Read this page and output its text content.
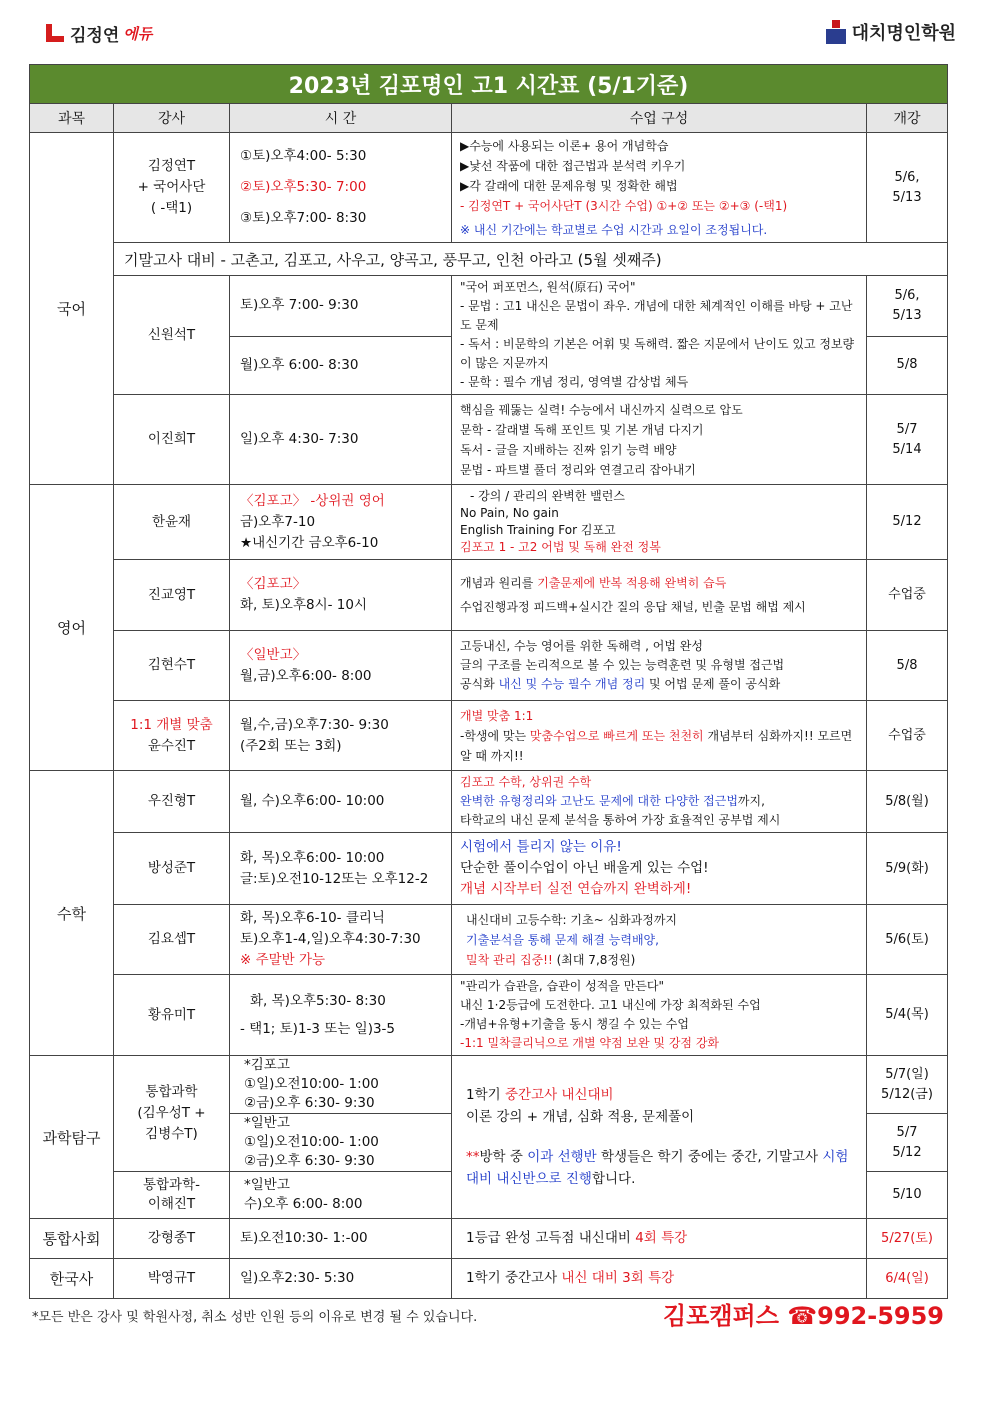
김정연 에듀	대치명인학원
2023년 김포명인 고1 시간표 (5/1기준)				
과목	강사	시 간	수업 구성	개강
국어	김정연T
+ 국어사단
( -택1)	①토)오후4:00- 5:30
②토)오후5:30- 7:00
③토)오후7:00- 8:30	▶수능에 사용되는 이론+ 용어 개념학습
▶낯선 작품에 대한 접근법과 분석력 키우기
▶각 갈래에 대한 문제유형 및 정확한 해법
- 김정연T + 국어사단T (3시간 수업) ①+② 또는 ②+③ (-택1)
※ 내신 기간에는 학교별로 수업 시간과 요일이 조정됩니다.	5/6,
5/13

	기말고사 대비 - 고촌고, 김포고, 사우고, 양곡고, 풍무고, 인천 아라고 (5월 셋째주)			
	신원석T	토)오후 7:00- 9:30	"국어 퍼포먼스, 원석(原石) 국어"
- 문법 : 고1 내신은 문법이 좌우. 개념에 대한 체계적인 이해를 바탕 + 고난도 문제
- 독서 : 비문학의 기본은 어휘 및 독해력. 짧은 지문에서 난이도 있고 정보량이 많은 지문까지
- 문학 : 필수 개념 정리, 영역별 감상법 체득	5/6,
5/13

		월)오후 6:00- 8:30		5/8
	이진희T	일)오후 4:30- 7:30	핵심을 꿰뚫는 실력! 수능에서 내신까지 실력으로 압도
문학 - 갈래별 독해 포인트 및 기본 개념 다지기
독서 - 글을 지배하는 진짜 읽기 능력 배양
문법 - 파트별 풀더 정리와 연결고리 잡아내기	5/7
5/14

영어	한윤재	〈김포고〉 -상위권 영어
금)오후7-10
★내신기간 금오후6-10	- 강의 / 관리의 완벽한 밸런스
No Pain, No gain
English Training For 김포고
김포고 1 - 고2 어법 및 독해 완전 정복	5/12
	진교영T	〈김포고〉
화, 토)오후8시- 10시	개념과 원리를 기출문제에 반복 적용해 완벽히 습득
수업진행과정 피드백+실시간 질의 응답 채널, 빈출 문법 해법 제시	수업중
	김현수T	〈일반고〉
월,금)오후6:00- 8:00	고등내신, 수능 영어를 위한 독해력 , 어법 완성
글의 구조를 논리적으로 볼 수 있는 능력훈련 및 유형별 접근법
공식화 내신 및 수능 필수 개념 정리 및 어법 문제 풀이 공식화	5/8

	1:1 개별 맞춤
윤수진T	월,수,금)오후7:30- 9:30
(주2회 또는 3회)	개별 맞춤 1:1
-학생에 맞는 맞춤수업으로 빠르게 또는 천천히 개념부터 심화까지!! 모르면 알 때 까지!!	수업중
수학	우진형T	월, 수)오후6:00- 10:00	김포고 수학, 상위권 수학
완벽한 유형정리와 고난도 문제에 대한 다양한 접근법까지,
타학교의 내신 문제 분석을 통하여 가장 효율적인 공부법 제시	5/8(월)
	방성준T	화, 목)오후6:00- 10:00
글:토)오전10-12또는 오후12-2	시험에서 틀리지 않는 이유!
단순한 풀이수업이 아닌 배울게 있는 수업!
개념 시작부터 실전 연습까지 완벽하게!	5/9(화)
	김요셉T	화, 목)오후6-10- 클리닉
토)오후1-4,일)오후4:30-7:30
※ 주말반 가능	내신대비 고등수학: 기초~ 심화과정까지
기출분석을 통해 문제 해결 능력배양,
밀착 관리 집중!! (최대 7,8정원)	5/6(토)
	황유미T	화, 목)오후5:30- 8:30
- 택1; 토)1-3 또는 일)3-5	"관리가 습관을, 습관이 성적을 만든다"
내신 1·2등급에 도전한다. 고1 내신에 가장 최적화된 수업
-개념+유형+기출을 동시 챙길 수 있는 수업
-1:1 밀착클리닉으로 개별 약점 보완 및 강점 강화	5/4(목)
과학탐구	통합과학
(김우성T +
김병수T)	*김포고
①일)오전10:00- 1:00
②금)오후 6:30- 9:30	1학기 중간고사 내신대비
이론 강의 + 개념, 심화 적용, 문제풀이
**방학 중 이과 선행반 학생들은 학기 중에는 중간, 기말고사 시험대비 내신반으로 진행합니다.	5/7(일)
5/12(금)

		*일반고
①일)오전10:00- 1:00
②금)오후 6:30- 9:30		5/7
5/12

	통합과학-
이해진T	*일반고
수)오후 6:00- 8:00		5/10
통합사회	강형종T	토)오전10:30- 1:-00	1등급 완성 고득점 내신대비 4회 특강	5/27(토)
한국사	박영규T	일)오후2:30- 5:30	1학기 중간고사 내신 대비 3회 특강	6/4(일)
*모든 반은 강사 및 학원사정, 취소 성반 인원 등의 이유로 변경 될 수 있습니다.	김포캠퍼스 ☎992-5959
